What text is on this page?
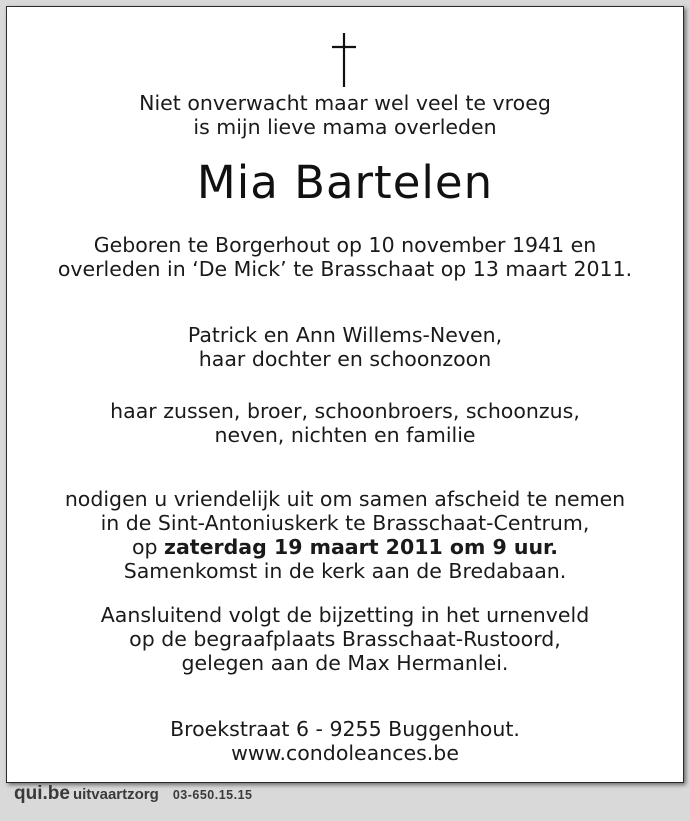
Niet onverwacht maar wel veel te vroeg
is mijn lieve mama overleden
Mia Bartelen
Geboren te Borgerhout op 10 november 1941 en
overleden in ‘De Mick’ te Brasschaat op 13 maart 2011.
Patrick en Ann Willems-Neven,
haar dochter en schoonzoon
haar zussen, broer, schoonbroers, schoonzus,
neven, nichten en familie
nodigen u vriendelijk uit om samen afscheid te nemen
in de Sint-Antoniuskerk te Brasschaat-Centrum,
op zaterdag 19 maart 2011 om 9 uur.
Samenkomst in de kerk aan de Bredabaan.
Aansluitend volgt de bijzetting in het urnenveld
op de begraafplaats Brasschaat-Rustoord,
gelegen aan de Max Hermanlei.
Broekstraat 6 - 9255 Buggenhout.
www.condoleances.be
qui.be uitvaartzorg 03-650.15.15
